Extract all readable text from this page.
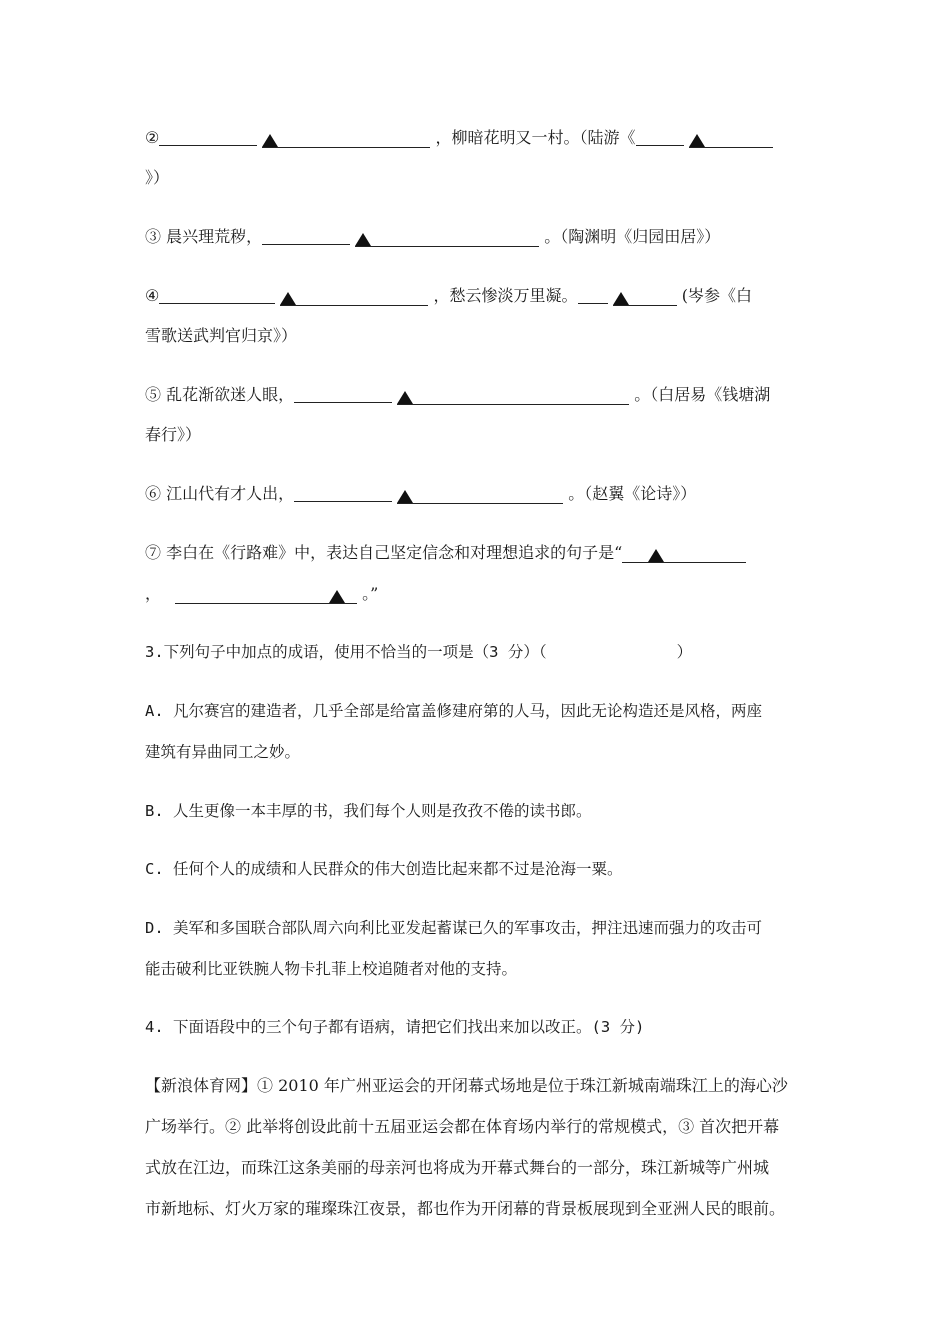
②	，柳暗花明又一村。（陆游《
》）
③ 晨兴理荒秽，	。（陶渊明《归园田居》）
④	，愁云惨淡万里凝。	(岑参《白
雪歌送武判官归京》）
⑤ 乱花渐欲迷人眼，	。（白居易《钱塘湖
春行》）
⑥ 江山代有才人出，	。（赵翼《论诗》）
⑦ 李白在《行路难》中，表达自己坚定信念和对理想追求的句子是“
，	。”
3.下列句子中加点的成语，使用不恰当的一项是（3 分）（	）
A. 凡尔赛宫的建造者，几乎全部是给富盖修建府第的人马，因此无论构造还是风格，两座
建筑有异曲同工之妙。
B. 人生更像一本丰厚的书，我们每个人则是孜孜不倦的读书郎。
C. 任何个人的成绩和人民群众的伟大创造比起来都不过是沧海一粟。
D. 美军和多国联合部队周六向利比亚发起蓄谋已久的军事攻击，押注迅速而强力的攻击可
能击破利比亚铁腕人物卡扎菲上校追随者对他的支持。
4. 下面语段中的三个句子都有语病，请把它们找出来加以改正。(3 分)
【新浪体育网】① 2010 年广州亚运会的开闭幕式场地是位于珠江新城南端珠江上的海心沙
广场举行。② 此举将创设此前十五届亚运会都在体育场内举行的常规模式，③ 首次把开幕
式放在江边，而珠江这条美丽的母亲河也将成为开幕式舞台的一部分，珠江新城等广州城
市新地标、灯火万家的璀璨珠江夜景，都也作为开闭幕的背景板展现到全亚洲人民的眼前。
